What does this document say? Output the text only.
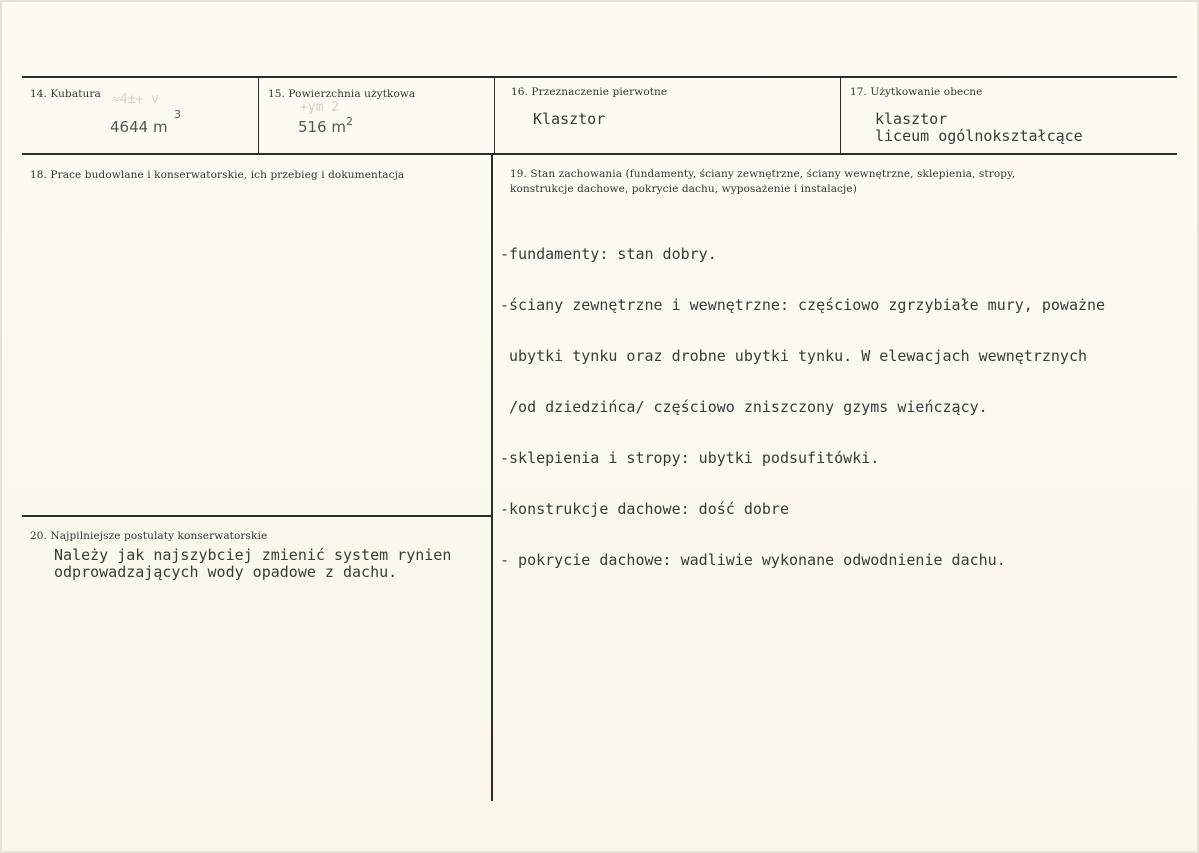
14. Kubatura ≈4±+ v
4644 m
3
15. Powierzchnia użytkowa
+ym 2
516 $m^2$
16. Przeznaczenie pierwotne
Klasztor
17. Użytkowanie obecne
klasztor
liceum ogólnokształcące
18. Prace budowlane i konserwatorskie, ich przebieg i dokumentacja	19. Stan zachowania (fundamenty, ściany zewnętrzne, ściany wewnętrzne, sklepienia, stropy,
konstrukcje dachowe, pokrycie dachu, wyposażenie i instalacje)

-fundamenty: stan dobry.

-ściany zewnętrzne i wewnętrzne: częściowo zgrzybiałe mury, poważne

ubytki tynku oraz drobne ubytki tynku. W elewacjach wewnętrznych

/od dziedzińca/ częściowo zniszczony gzyms wieńczący.

-sklepienia i stropy: ubytki podsufitówki.

-konstrukcje dachowe: dość dobre

- pokrycie dachowe: wadliwie wykonane odwodnienie dachu.

20. Najpilniejsze postulaty konserwatorskie
Należy jak najszybciej zmienić system rynien
odprowadzających wody opadowe z dachu.
